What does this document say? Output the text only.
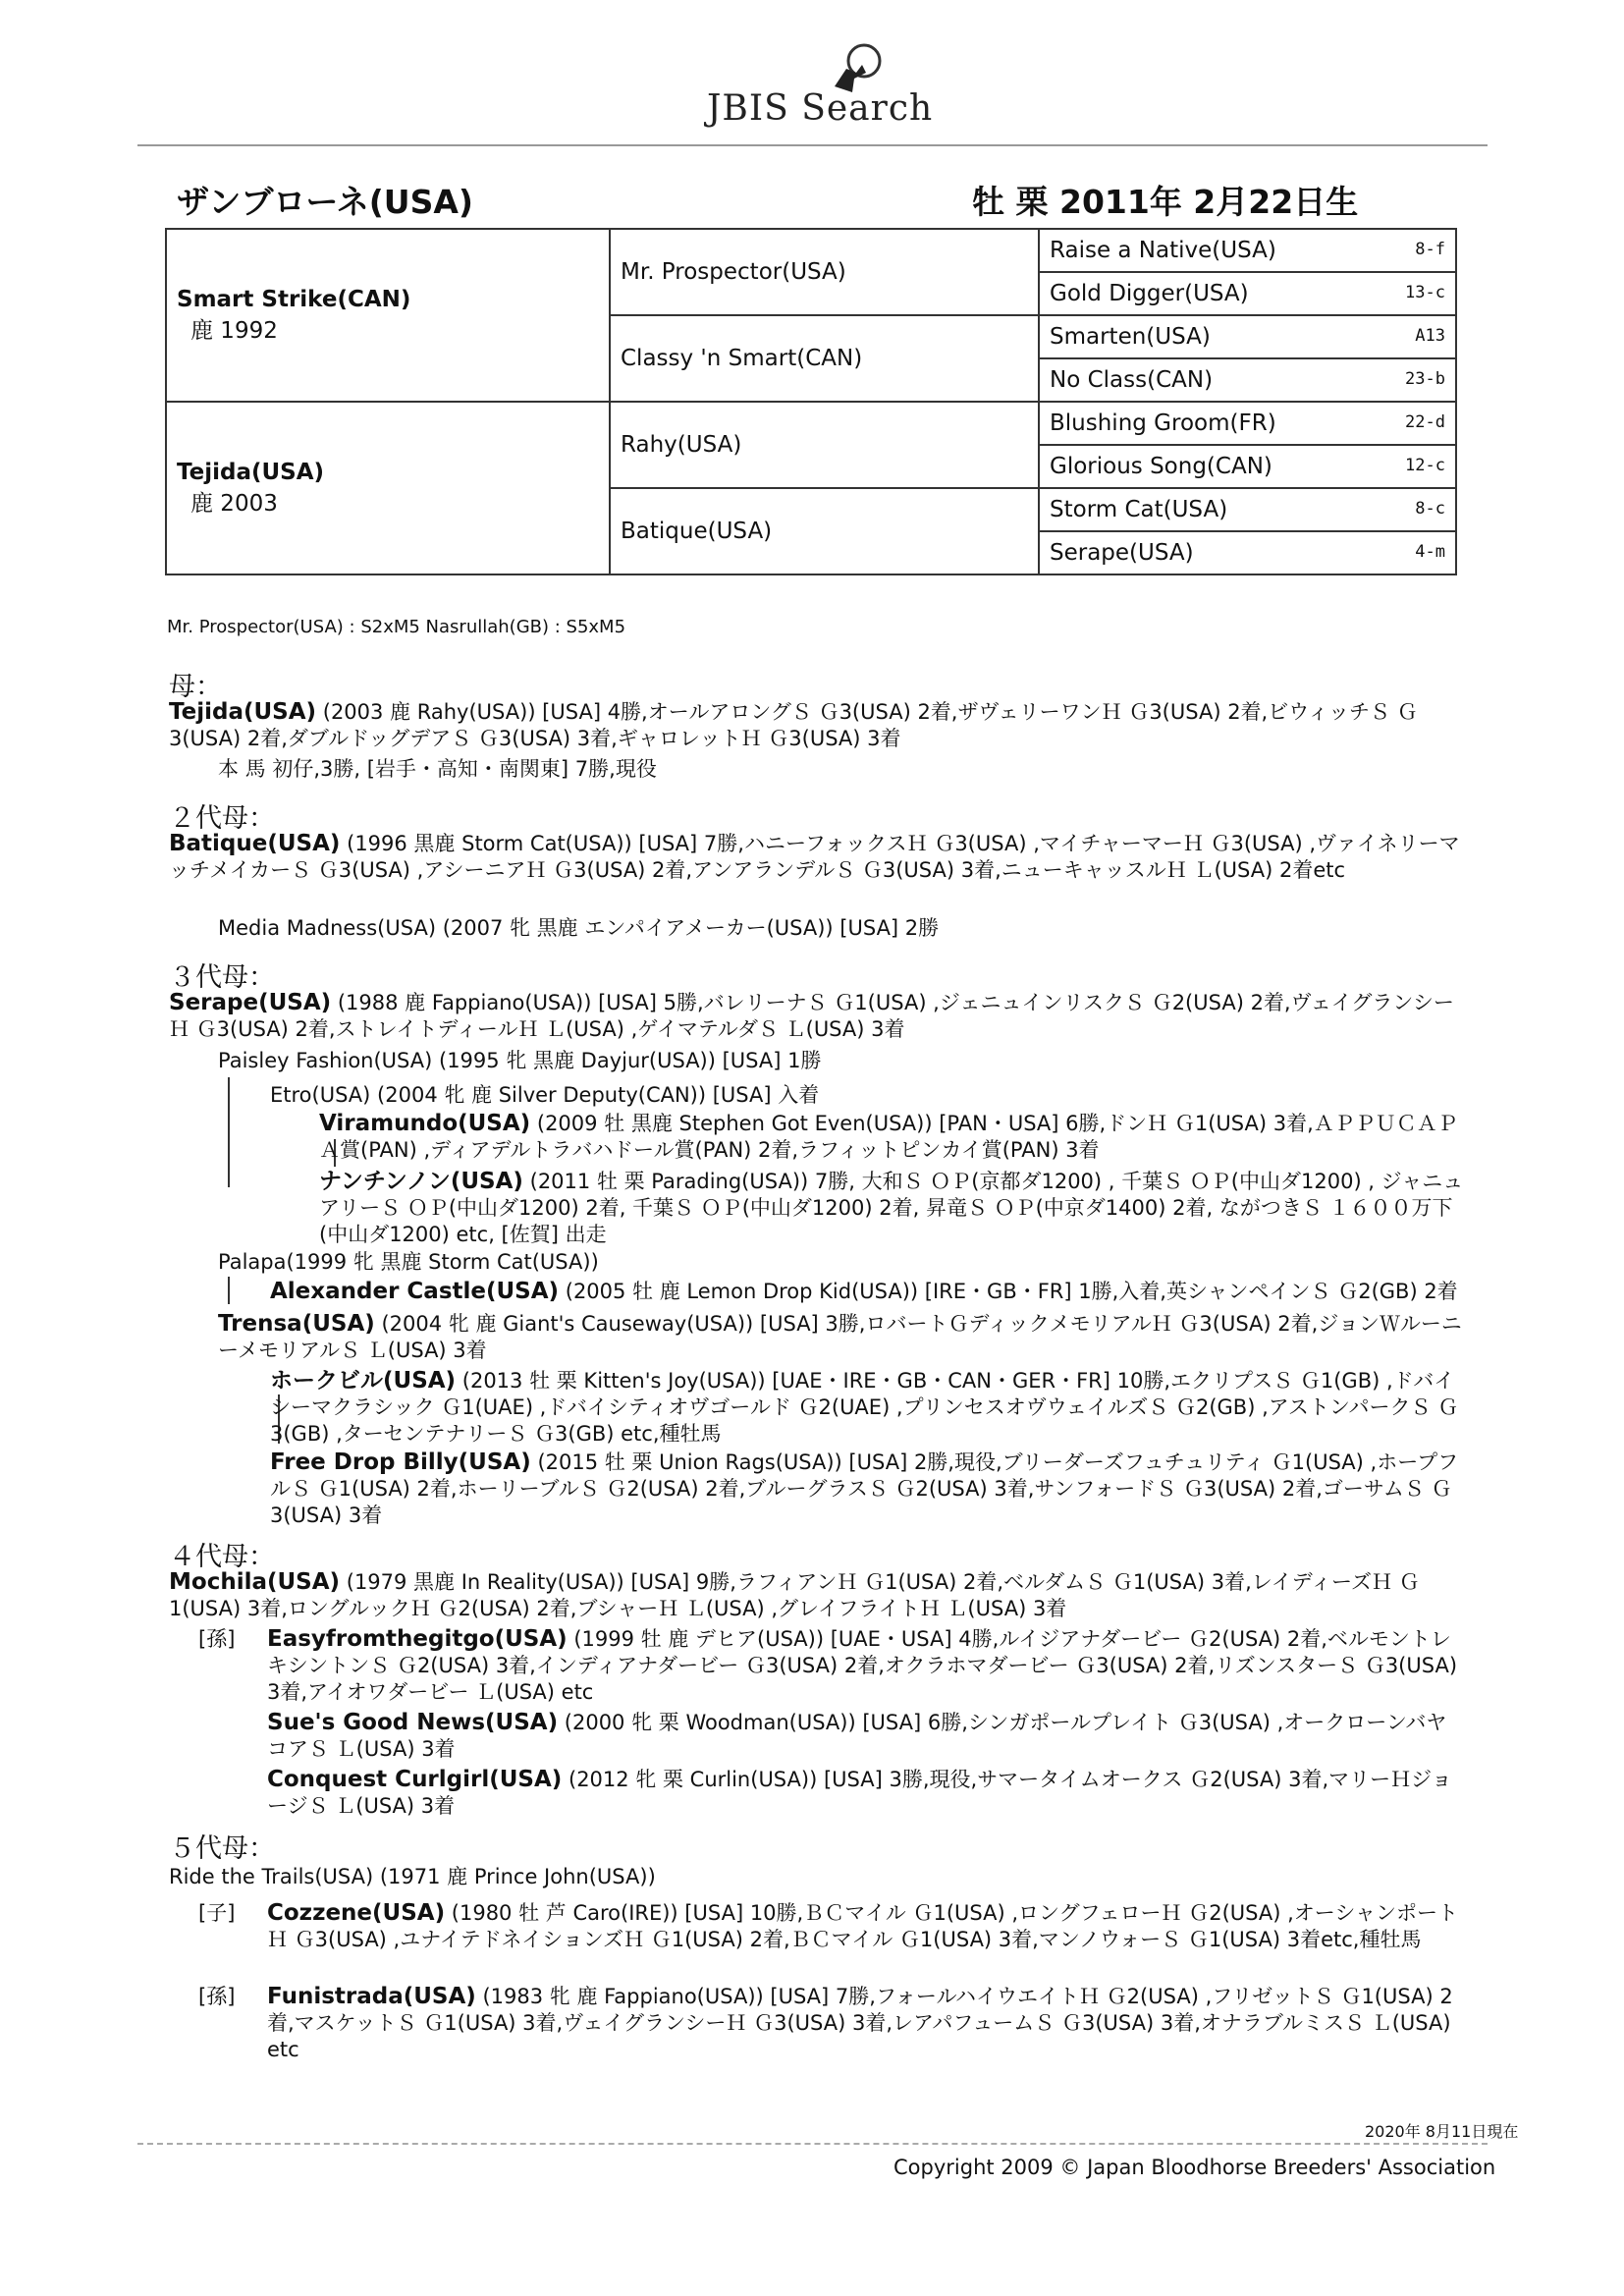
JBIS Search
ザンブローネ(USA)	牡 栗 2011年 2月22日生
Smart Strike(CAN)
鹿 1992	Mr. Prospector(USA)	Raise a Native(USA) 8-f

		Gold Digger(USA) 13-c

	Classy 'n Smart(CAN)	Smarten(USA) A13

		No Class(CAN) 23-b

Tejida(USA)
鹿 2003	Rahy(USA)	Blushing Groom(FR) 22-d

		Glorious Song(CAN) 12-c

	Batique(USA)	Storm Cat(USA) 8-c

		Serape(USA) 4-m
Mr. Prospector(USA) : S2xM5 Nasrullah(GB) : S5xM5
母：

Tejida(USA) (2003 鹿 Rahy(USA)) [USA] 4勝,オールアロングＳ Ｇ3(USA) 2着,ザヴェリーワンＨ Ｇ3(USA) 2着,ビウィッチＳ Ｇ3(USA) 2着,ダブルドッグデアＳ Ｇ3(USA) 3着,ギャロレットＨ Ｇ3(USA) 3着

本 馬 初仔,3勝, [岩手・高知・南関東] 7勝,現役

２代母：

Batique(USA) (1996 黒鹿 Storm Cat(USA)) [USA] 7勝,ハニーフォックスＨ Ｇ3(USA) ,マイチャーマーＨ Ｇ3(USA) ,ヴァイネリーマッチメイカーＳ Ｇ3(USA) ,アシーニアＨ Ｇ3(USA) 2着,アンアランデルＳ Ｇ3(USA) 3着,ニューキャッスルＨ Ｌ(USA) 2着etc

Media Madness(USA) (2007 牝 黒鹿 エンパイアメーカー(USA)) [USA] 2勝

３代母：

Serape(USA) (1988 鹿 Fappiano(USA)) [USA] 5勝,バレリーナＳ Ｇ1(USA) ,ジェニュインリスクＳ Ｇ2(USA) 2着,ヴェイグランシーＨ Ｇ3(USA) 2着,ストレイトディールＨ Ｌ(USA) ,ゲイマテルダＳ Ｌ(USA) 3着

Paisley Fashion(USA) (1995 牝 黒鹿 Dayjur(USA)) [USA] 1勝

Etro(USA) (2004 牝 鹿 Silver Deputy(CAN)) [USA] 入着

Viramundo(USA) (2009 牡 黒鹿 Stephen Got Even(USA)) [PAN・USA] 6勝,ドンＨ Ｇ1(USA) 3着,ＡＰＰＵＣＡＰＡ賞(PAN) ,ディアデルトラバハドール賞(PAN) 2着,ラフィットピンカイ賞(PAN) 3着

ナンチンノン(USA) (2011 牡 栗 Parading(USA)) 7勝, 大和Ｓ ＯＰ(京都ダ1200) , 千葉Ｓ ＯＰ(中山ダ1200) , ジャニュアリーＳ ＯＰ(中山ダ1200) 2着, 千葉Ｓ ＯＰ(中山ダ1200) 2着, 昇竜Ｓ ＯＰ(中京ダ1400) 2着, ながつきＳ １６００万下(中山ダ1200) etc, [佐賀] 出走

Palapa(1999 牝 黒鹿 Storm Cat(USA))

Alexander Castle(USA) (2005 牡 鹿 Lemon Drop Kid(USA)) [IRE・GB・FR] 1勝,入着,英シャンペインＳ Ｇ2(GB) 2着

Trensa(USA) (2004 牝 鹿 Giant's Causeway(USA)) [USA] 3勝,ロバートＧディックメモリアルＨ Ｇ3(USA) 2着,ジョンＷルーニーメモリアルＳ Ｌ(USA) 3着

ホークビル(USA) (2013 牡 栗 Kitten's Joy(USA)) [UAE・IRE・GB・CAN・GER・FR] 10勝,エクリプスＳ Ｇ1(GB) ,ドバイシーマクラシック Ｇ1(UAE) ,ドバイシティオヴゴールド Ｇ2(UAE) ,プリンセスオヴウェイルズＳ Ｇ2(GB) ,アストンパークＳ Ｇ3(GB) ,ターセンテナリーＳ Ｇ3(GB) etc,種牡馬

Free Drop Billy(USA) (2015 牡 栗 Union Rags(USA)) [USA] 2勝,現役,ブリーダーズフュチュリティ Ｇ1(USA) ,ホープフルＳ Ｇ1(USA) 2着,ホーリーブルＳ Ｇ2(USA) 2着,ブルーグラスＳ Ｇ2(USA) 3着,サンフォードＳ Ｇ3(USA) 2着,ゴーサムＳ Ｇ3(USA) 3着

４代母：

Mochila(USA) (1979 黒鹿 In Reality(USA)) [USA] 9勝,ラフィアンＨ Ｇ1(USA) 2着,ベルダムＳ Ｇ1(USA) 3着,レイディーズＨ Ｇ1(USA) 3着,ロングルックＨ Ｇ2(USA) 2着,ブシャーＨ Ｌ(USA) ,グレイフライトＨ Ｌ(USA) 3着

[孫] Easyfromthegitgo(USA) (1999 牡 鹿 デヒア(USA)) [UAE・USA] 4勝,ルイジアナダービー Ｇ2(USA) 2着,ベルモントレキシントンＳ Ｇ2(USA) 3着,インディアナダービー Ｇ3(USA) 2着,オクラホマダービー Ｇ3(USA) 2着,リズンスターＳ Ｇ3(USA) 3着,アイオワダービー Ｌ(USA) etc

Sue's Good News(USA) (2000 牝 栗 Woodman(USA)) [USA] 6勝,シンガポールプレイト Ｇ3(USA) ,オークローンバヤコアＳ Ｌ(USA) 3着

Conquest Curlgirl(USA) (2012 牝 栗 Curlin(USA)) [USA] 3勝,現役,サマータイムオークス Ｇ2(USA) 3着,マリーＨジョージＳ Ｌ(USA) 3着

５代母：

Ride the Trails(USA) (1971 鹿 Prince John(USA))

[子] Cozzene(USA) (1980 牡 芦 Caro(IRE)) [USA] 10勝,ＢＣマイル Ｇ1(USA) ,ロングフェローＨ Ｇ2(USA) ,オーシャンポートＨ Ｇ3(USA) ,ユナイテドネイションズＨ Ｇ1(USA) 2着,ＢＣマイル Ｇ1(USA) 3着,マンノウォーＳ Ｇ1(USA) 3着etc,種牡馬

[孫] Funistrada(USA) (1983 牝 鹿 Fappiano(USA)) [USA] 7勝,フォールハイウエイトＨ Ｇ2(USA) ,フリゼットＳ Ｇ1(USA) 2着,マスケットＳ Ｇ1(USA) 3着,ヴェイグランシーＨ Ｇ3(USA) 3着,レアパフュームＳ Ｇ3(USA) 3着,オナラブルミスＳ Ｌ(USA) etc

2020年 8月11日現在
Copyright 2009 © Japan Bloodhorse Breeders' Association
